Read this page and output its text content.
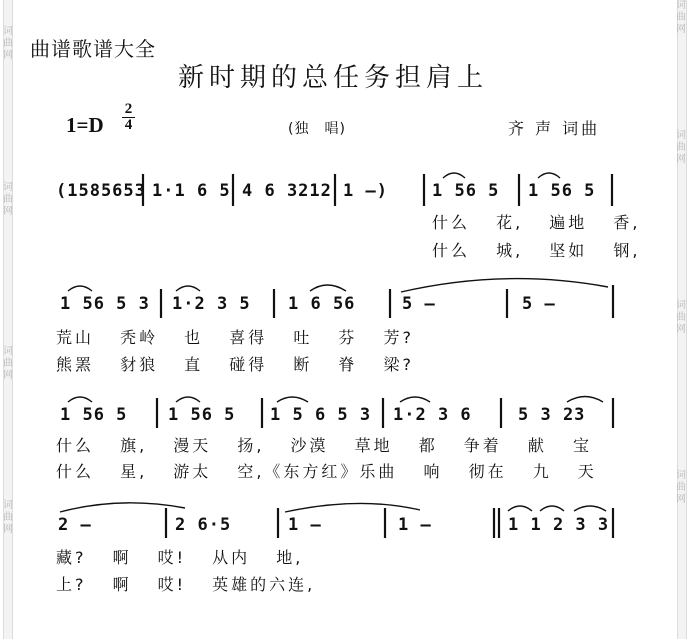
词曲网
词曲网
词曲网
词曲网
词曲网
词曲网
词曲网
词曲网
曲谱歌谱大全
新时期的总任务担肩上
1=D
2
4	(独　唱)	齐 声 词曲
(1585653 1·1 6 5 4 6 3212 1 —)	1 56 5 1 56 5
什么 花, 遍地 香,
什么 城, 坚如 钢,
1 56 5 3 1·2 3 5 1 6 56	5 —	5 —
荒山 秃岭 也 喜得 吐 芬 芳?
熊罴 豺狼 直 碰得 断 脊 梁?
1 56 5 1 56 5 1 5 6 5 3 1·2 3 6	5 3 23
什么 旗, 漫天 扬, 沙漠 草地 都 争着 献 宝
什么 星, 游太 空,《东方红》乐曲 响 彻在 九 天
2 —	2 6·5	1 —	1 —	1 1 2 3 3
藏? 啊 哎! 从内 地,
上? 啊 哎! 英雄的六连,
